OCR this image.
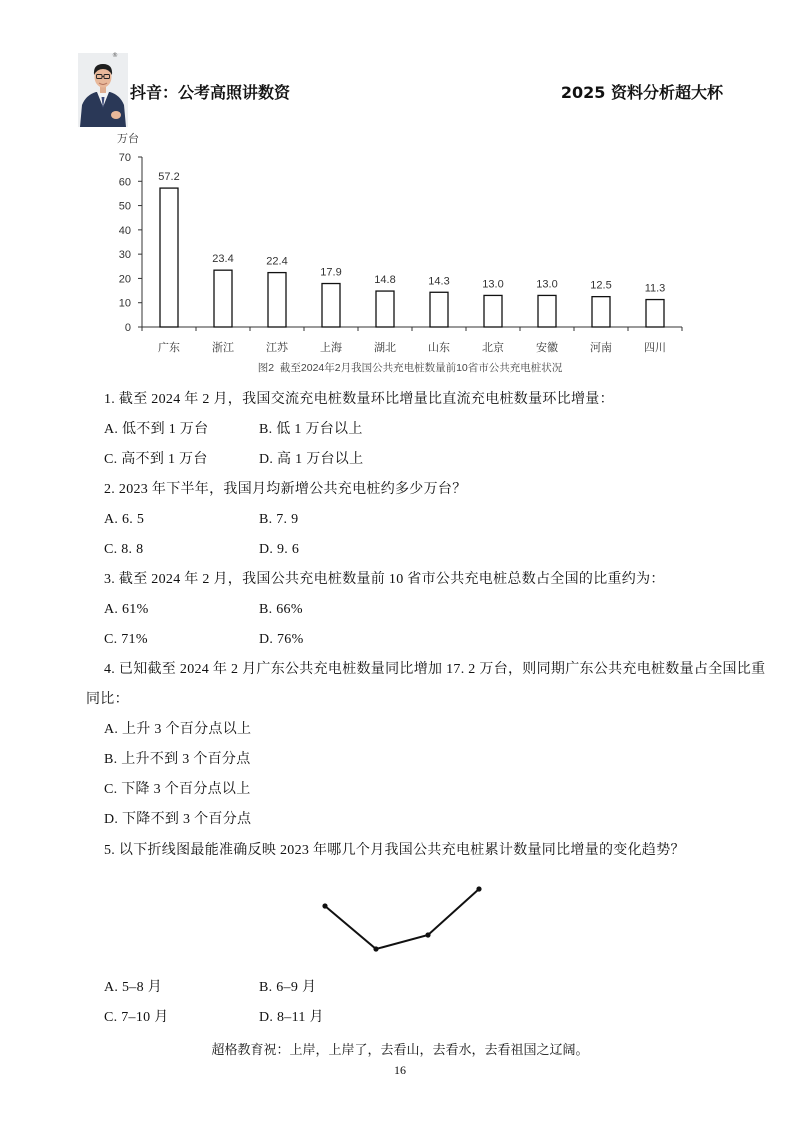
®
抖音：公考高照讲数资	2025 资料分析超大杯
万台
0
10
20
30
40
50
60
70
57.2
广东
23.4
浙江
22.4
江苏
17.9
上海
14.8
湖北
14.3
山东
13.0
北京
13.0
安徽
12.5
河南
11.3
四川
图2  截至2024年2月我国公共充电桩数量前10省市公共充电桩状况
1. 截至 2024 年 2 月，我国交流充电桩数量环比增量比直流充电桩数量环比增量：
A. 低不到 1 万台	B. 低 1 万台以上
C. 高不到 1 万台	D. 高 1 万台以上
2. 2023 年下半年，我国月均新增公共充电桩约多少万台？
A. 6. 5	B. 7. 9
C. 8. 8	D. 9. 6
3. 截至 2024 年 2 月，我国公共充电桩数量前 10 省市公共充电桩总数占全国的比重约为：
A. 61%	B. 66%
C. 71%	D. 76%
4. 已知截至 2024 年 2 月广东公共充电桩数量同比增加 17. 2 万台，则同期广东公共充电桩数量占全国比重
同比：
A. 上升 3 个百分点以上
B. 上升不到 3 个百分点
C. 下降 3 个百分点以上
D. 下降不到 3 个百分点
5. 以下折线图最能准确反映 2023 年哪几个月我国公共充电桩累计数量同比增量的变化趋势？
A. 5–8 月	B. 6–9 月
C. 7–10 月	D. 8–11 月
超格教育祝：上岸，上岸了，去看山，去看水，去看祖国之辽阔。
16
